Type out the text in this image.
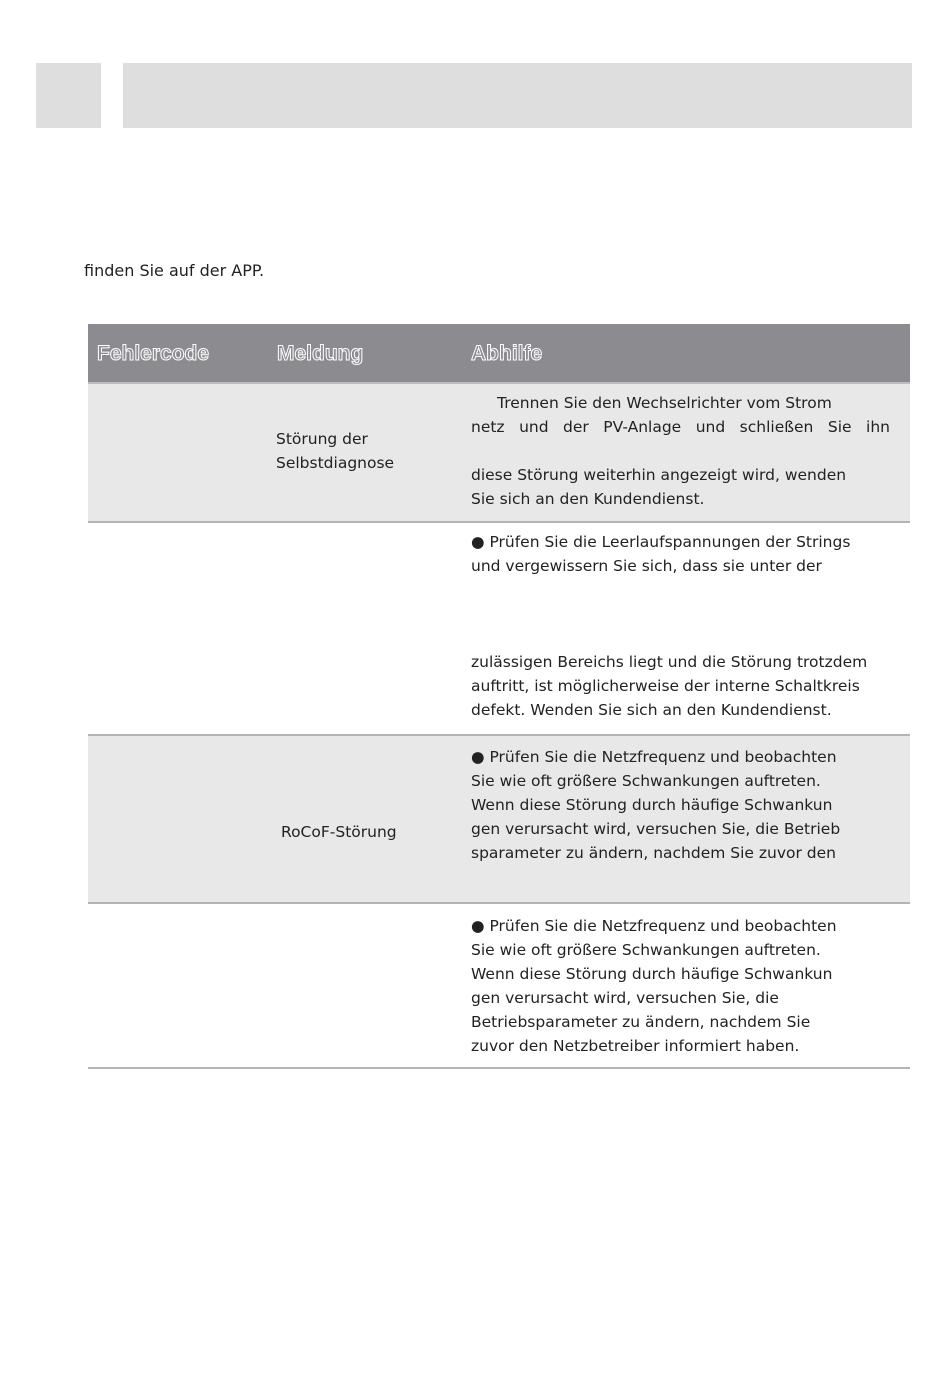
finden Sie auf der APP.
Fehlercode	Meldung	Abhilfe
Störung der
Selbstdiagnose
Trennen Sie den Wechselrichter vom Strom
netz und der PV-Anlage und schließen Sie ihn
diese Störung weiterhin angezeigt wird, wenden
Sie sich an den Kundendienst.
● Prüfen Sie die Leerlaufspannungen der Strings
und vergewissern Sie sich, dass sie unter der
zulässigen Bereichs liegt und die Störung trotzdem
auftritt, ist möglicherweise der interne Schaltkreis
defekt. Wenden Sie sich an den Kundendienst.
RoCoF-Störung
● Prüfen Sie die Netzfrequenz und beobachten
Sie wie oft größere Schwankungen auftreten.
Wenn diese Störung durch häufige Schwankun
gen verursacht wird, versuchen Sie, die Betrieb
sparameter zu ändern, nachdem Sie zuvor den
● Prüfen Sie die Netzfrequenz und beobachten
Sie wie oft größere Schwankungen auftreten.
Wenn diese Störung durch häufige Schwankun
gen verursacht wird, versuchen Sie, die
Betriebsparameter zu ändern, nachdem Sie
zuvor den Netzbetreiber informiert haben.
